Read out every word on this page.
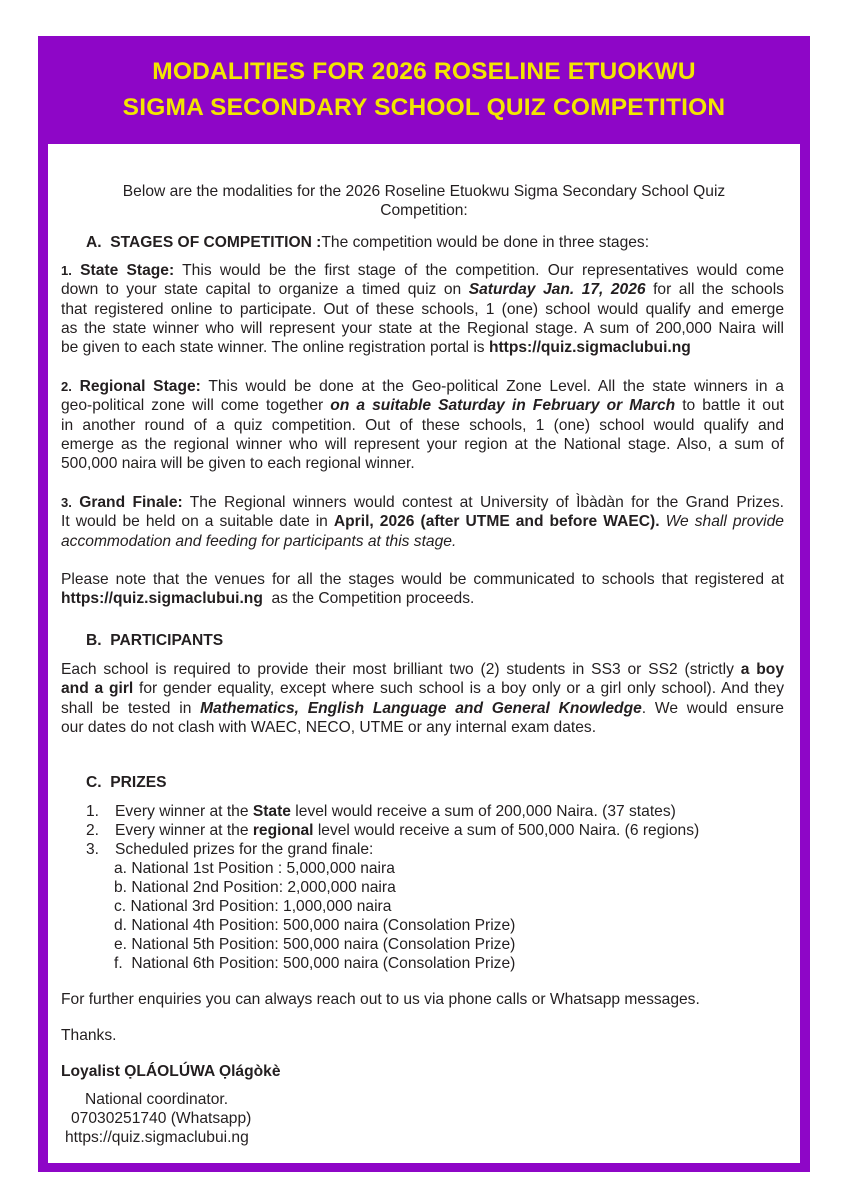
MODALITIES FOR 2026 ROSELINE ETUOKWU
SIGMA SECONDARY SCHOOL QUIZ COMPETITION
Below are the modalities for the 2026 Roseline Etuokwu Sigma Secondary School Quiz
Competition:
A. STAGES OF COMPETITION :The competition would be done in three stages:
1. State Stage: This would be the first stage of the competition. Our representatives would come
down to your state capital to organize a timed quiz on Saturday Jan. 17, 2026 for all the schools
that registered online to participate. Out of these schools, 1 (one) school would qualify and emerge
as the state winner who will represent your state at the Regional stage. A sum of 200,000 Naira will
be given to each state winner. The online registration portal is https://quiz.sigmaclubui.ng
2. Regional Stage: This would be done at the Geo-political Zone Level. All the state winners in a
geo-political zone will come together on a suitable Saturday in February or March to battle it out
in another round of a quiz competition. Out of these schools, 1 (one) school would qualify and
emerge as the regional winner who will represent your region at the National stage. Also, a sum of
500,000 naira will be given to each regional winner.
3. Grand Finale: The Regional winners would contest at University of Ìbàdàn for the Grand Prizes.
It would be held on a suitable date in April, 2026 (after UTME and before WAEC). We shall provide
accommodation and feeding for participants at this stage.
Please note that the venues for all the stages would be communicated to schools that registered at
https://quiz.sigmaclubui.ng  as the Competition proceeds.
B. PARTICIPANTS
Each school is required to provide their most brilliant two (2) students in SS3 or SS2 (strictly a boy
and a girl for gender equality, except where such school is a boy only or a girl only school). And they
shall be tested in Mathematics, English Language and General Knowledge. We would ensure
our dates do not clash with WAEC, NECO, UTME or any internal exam dates.
C. PRIZES
1. Every winner at the State level would receive a sum of 200,000 Naira. (37 states)
2. Every winner at the regional level would receive a sum of 500,000 Naira. (6 regions)
3. Scheduled prizes for the grand finale:
a. National 1st Position : 5,000,000 naira
b. National 2nd Position: 2,000,000 naira
c. National 3rd Position: 1,000,000 naira
d. National 4th Position: 500,000 naira (Consolation Prize)
e. National 5th Position: 500,000 naira (Consolation Prize)
f.  National 6th Position: 500,000 naira (Consolation Prize)
For further enquiries you can always reach out to us via phone calls or Whatsapp messages.
Thanks.
Loyalist ỌLÁOLÚWA Ọlágòkè
National coordinator.
07030251740 (Whatsapp)
https://quiz.sigmaclubui.ng
